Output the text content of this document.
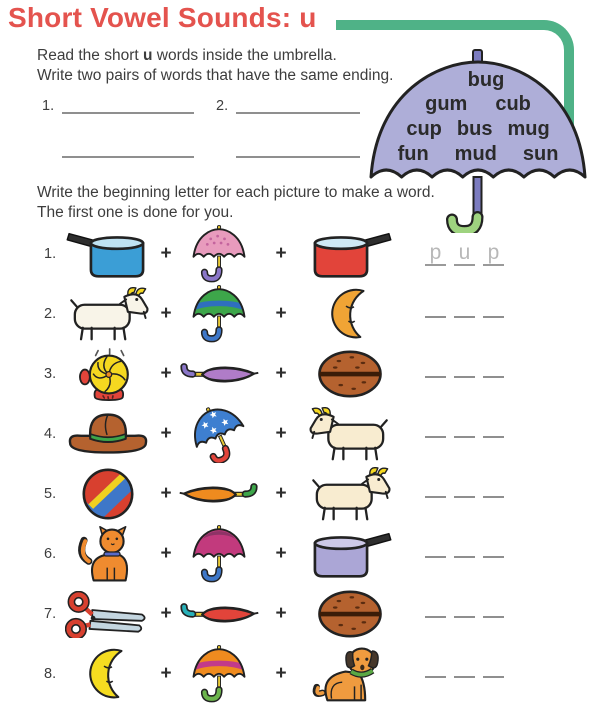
Short Vowel Sounds: u
Read the short u words inside the umbrella.
Write two pairs of words that have the same ending.
1.	2.
bug
gum cub
cup bus mug
fun mud sun
Write the beginning letter for each picture to make a word.
The first one is done for you.
1.	+	+	p u p
2.	+	+
3.	+	+
4.	+	+
5.	+	+
6.	+	+
7.	+	+
8.	+	+
